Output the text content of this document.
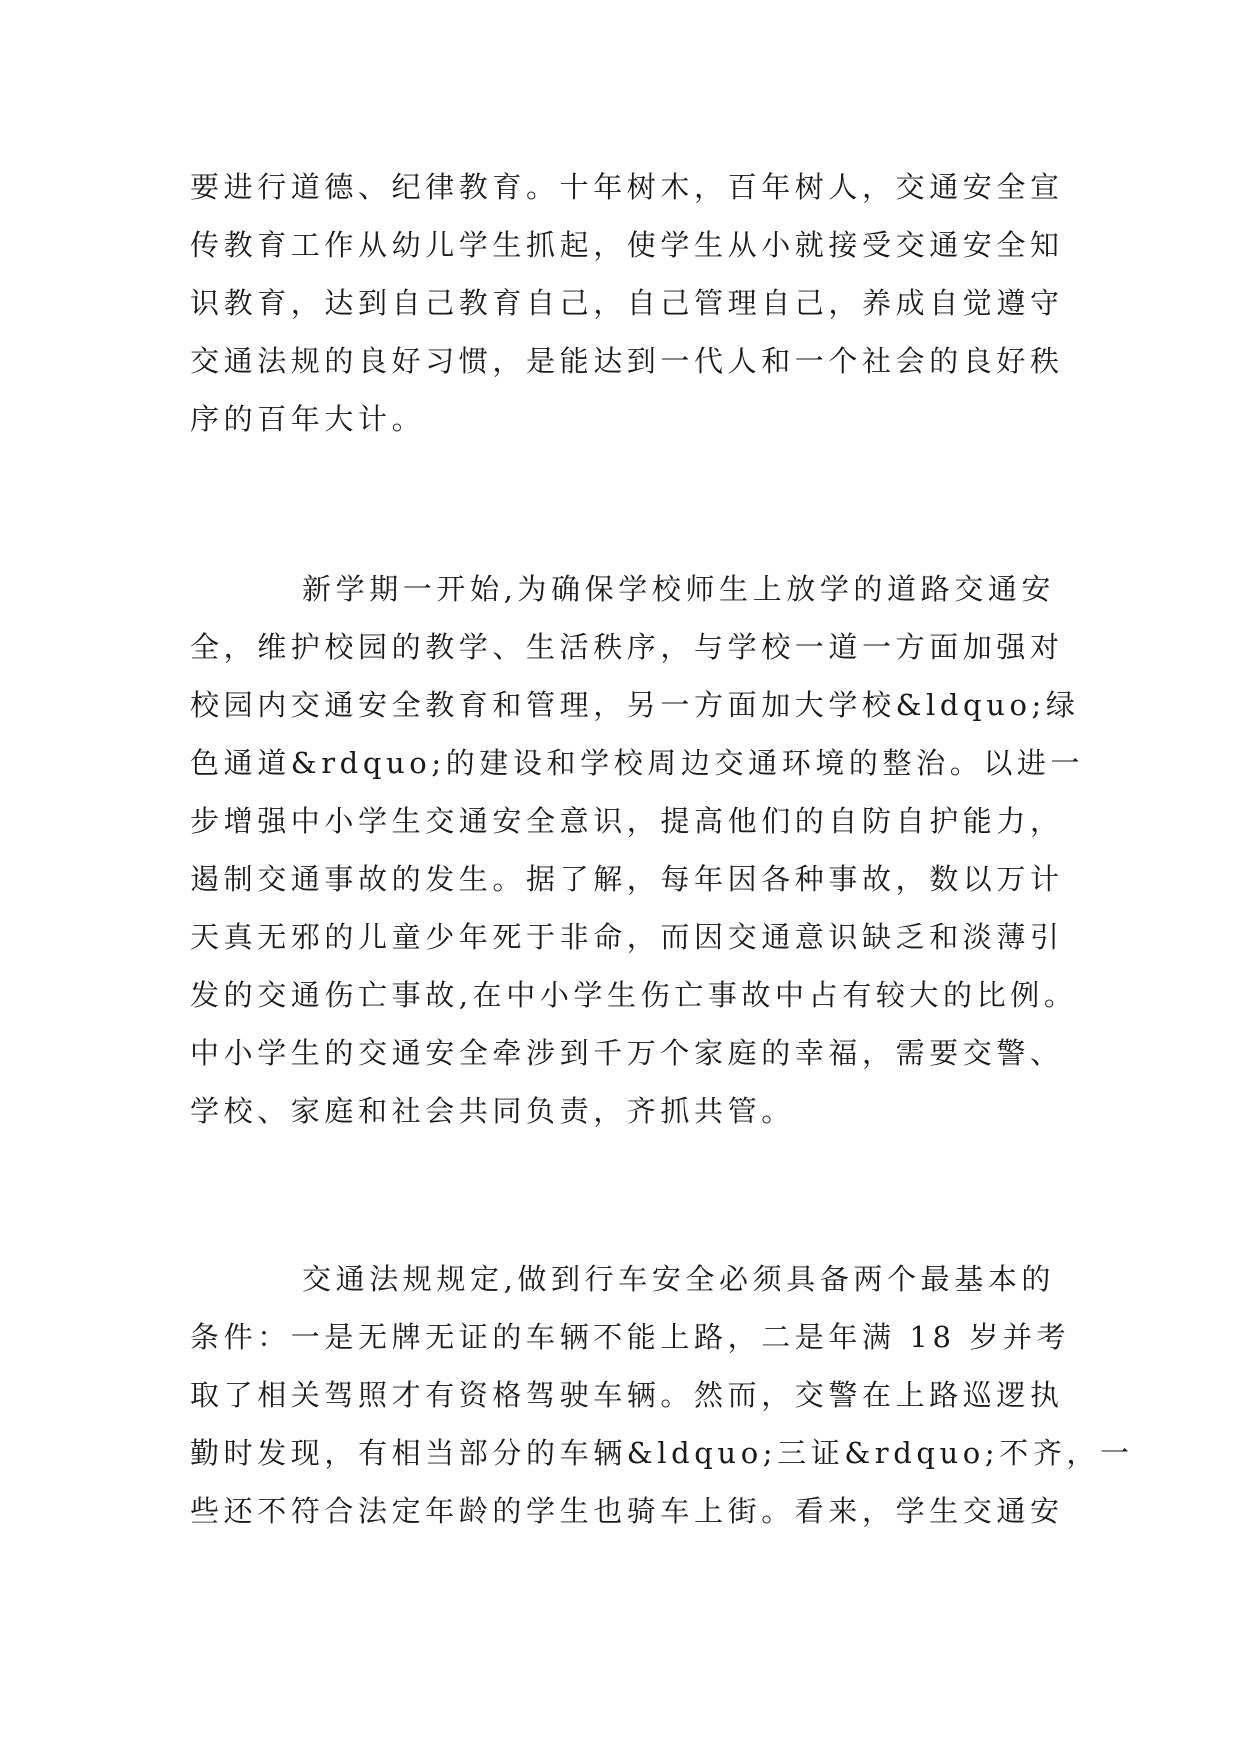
要进行道德、纪律教育。十年树木，百年树人，交通安全宣
传教育工作从幼儿学生抓起，使学生从小就接受交通安全知
识教育，达到自己教育自己，自己管理自己，养成自觉遵守
交通法规的良好习惯，是能达到一代人和一个社会的良好秩
序的百年大计。
新学期一开始,为确保学校师生上放学的道路交通安
全，维护校园的教学、生活秩序，与学校一道一方面加强对
校园内交通安全教育和管理，另一方面加大学校&ldquo;绿
色通道&rdquo;的建设和学校周边交通环境的整治。以进一
步增强中小学生交通安全意识，提高他们的自防自护能力，
遏制交通事故的发生。据了解，每年因各种事故，数以万计
天真无邪的儿童少年死于非命，而因交通意识缺乏和淡薄引
发的交通伤亡事故,在中小学生伤亡事故中占有较大的比例。
中小学生的交通安全牵涉到千万个家庭的幸福，需要交警、
学校、家庭和社会共同负责，齐抓共管。
交通法规规定,做到行车安全必须具备两个最基本的
条件：一是无牌无证的车辆不能上路，二是年满 18 岁并考
取了相关驾照才有资格驾驶车辆。然而，交警在上路巡逻执
勤时发现，有相当部分的车辆&ldquo;三证&rdquo;不齐，一
些还不符合法定年龄的学生也骑车上街。看来，学生交通安
